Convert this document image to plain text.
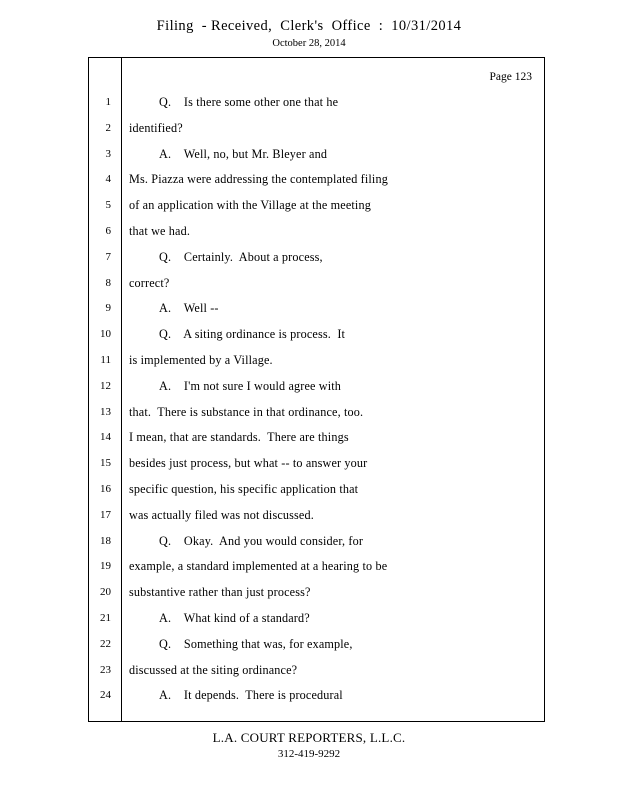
Filing  - Received,  Clerk's  Office  :  10/31/2014
October 28, 2014
Page 123
1	Q.    Is there some other one that he
2	identified?
3	A.    Well, no, but Mr. Bleyer and
4	Ms. Piazza were addressing the contemplated filing
5	of an application with the Village at the meeting
6	that we had.
7	Q.    Certainly.  About a process,
8	correct?
9	A.    Well --
10	Q.    A siting ordinance is process.  It
11	is implemented by a Village.
12	A.    I'm not sure I would agree with
13	that.  There is substance in that ordinance, too.
14	I mean, that are standards.  There are things
15	besides just process, but what -- to answer your
16	specific question, his specific application that
17	was actually filed was not discussed.
18	Q.    Okay.  And you would consider, for
19	example, a standard implemented at a hearing to be
20	substantive rather than just process?
21	A.    What kind of a standard?
22	Q.    Something that was, for example,
23	discussed at the siting ordinance?
24	A.    It depends.  There is procedural
L.A. COURT REPORTERS, L.L.C.
312-419-9292
